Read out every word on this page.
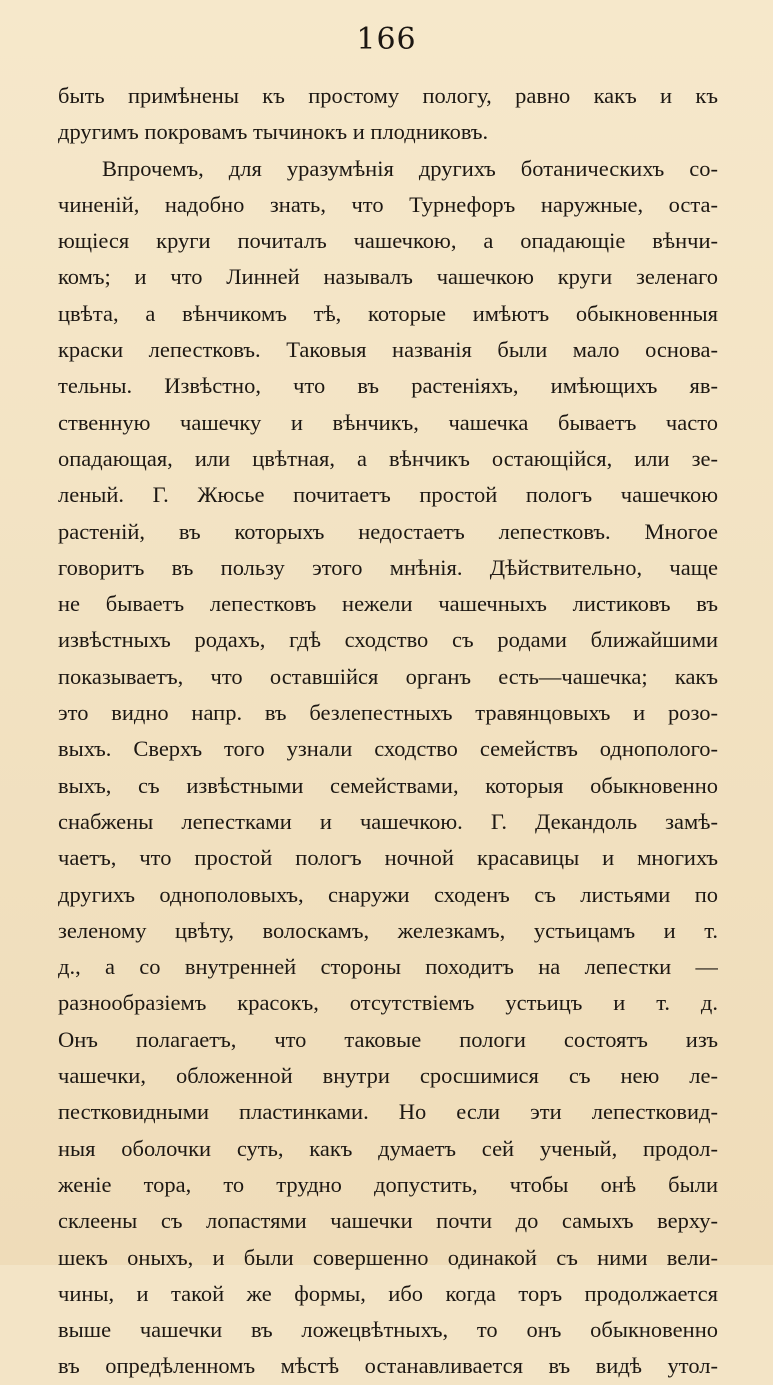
166
быть примѣнены къ простому пологу, равно какъ и къ
другимъ покровамъ тычинокъ и плодниковъ.
Впрочемъ, для уразумѣнія другихъ ботаническихъ со-
чиненій, надобно знать, что Турнефоръ наружные, оста-
ющіеся круги почиталъ чашечкою, а опадающіе вѣнчи-
комъ; и что Линней называлъ чашечкою круги зеленаго
цвѣта, а вѣнчикомъ тѣ, которые имѣютъ обыкновенныя
краски лепестковъ. Таковыя названія были мало основа-
тельны. Извѣстно, что въ растеніяхъ, имѣющихъ яв-
ственную чашечку и вѣнчикъ, чашечка бываетъ часто
опадающая, или цвѣтная, а вѣнчикъ остающійся, или зе-
леный. Г. Жюсье почитаетъ простой пологъ чашечкою
растеній, въ которыхъ недостаетъ лепестковъ. Многое
говоритъ въ пользу этого мнѣнія. Дѣйствительно, чаще
не бываетъ лепестковъ нежели чашечныхъ листиковъ въ
извѣстныхъ родахъ, гдѣ сходство съ родами ближайшими
показываетъ, что оставшійся органъ есть—чашечка; какъ
это видно напр. въ безлепестныхъ травянцовыхъ и розо-
выхъ. Сверхъ того узнали сходство семействъ однополого-
выхъ, съ извѣстными семействами, которыя обыкновенно
снабжены лепестками и чашечкою. Г. Декандоль замѣ-
чаетъ, что простой пологъ ночной красавицы и многихъ
другихъ однополовыхъ, снаружи сходенъ съ листьями по
зеленому цвѣту, волоскамъ, железкамъ, устьицамъ и т.
д., а со внутренней стороны походитъ на лепестки —
разнообразіемъ красокъ, отсутствіемъ устьицъ и т. д.
Онъ полагаетъ, что таковые пологи состоятъ изъ
чашечки, обложенной внутри сросшимися съ нею ле-
пестковидными пластинками. Но если эти лепестковид-
ныя оболочки суть, какъ думаетъ сей ученый, продол-
женіе тора, то трудно допустить, чтобы онѣ были
склеены съ лопастями чашечки почти до самыхъ верху-
шекъ оныхъ, и были совершенно одинакой съ ними вели-
чины, и такой же формы, ибо когда торъ продолжается
выше чашечки въ ложецвѣтныхъ, то онъ обыкновенно
въ опредѣленномъ мѣстѣ останавливается въ видѣ утол-
